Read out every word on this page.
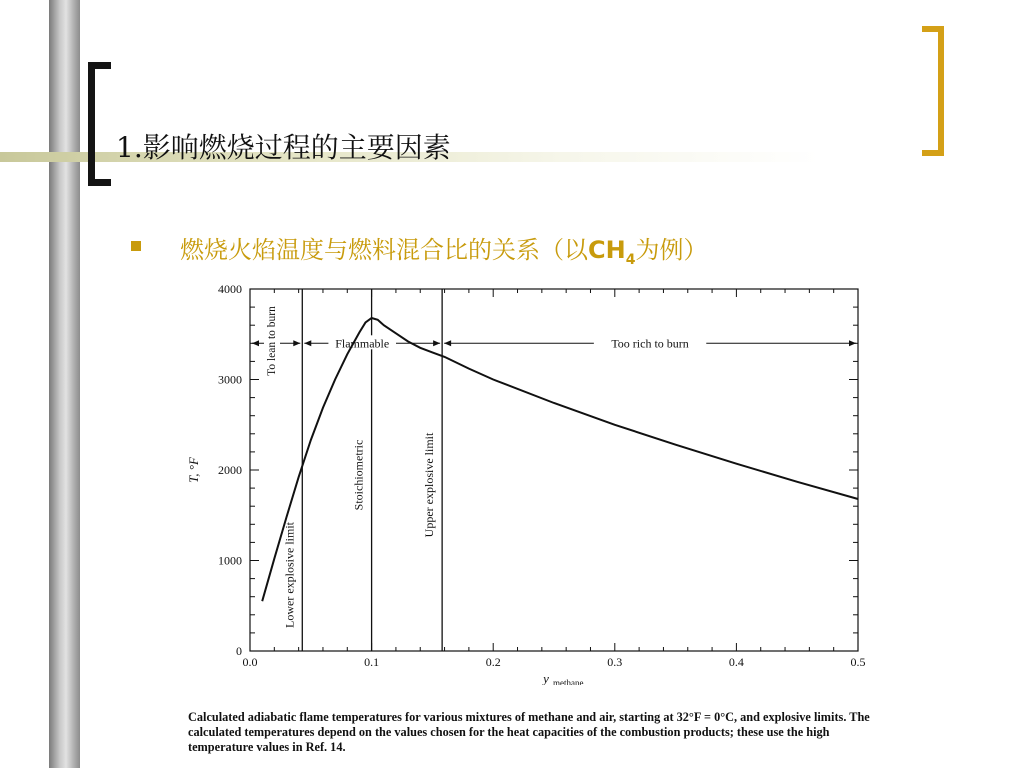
1.影响燃烧过程的主要因素
燃烧火焰温度与燃料混合比的关系（以$CH_4$为例）
0.0	0.1	0.2	0.3	0.4	0.5
0
1000
2000
3000
4000
T, °F
y methane
Lower explosive limit
Stoichiometric	Upper explosive limit
To lean to burn	Flammable	Too rich to burn
Calculated adiabatic flame temperatures for various mixtures of methane and air, starting at 32°F = 0°C, and explosive limits. The calculated temperatures depend on the values chosen for the heat capacities of the combustion products; these use the high temperature values in Ref. 14.
